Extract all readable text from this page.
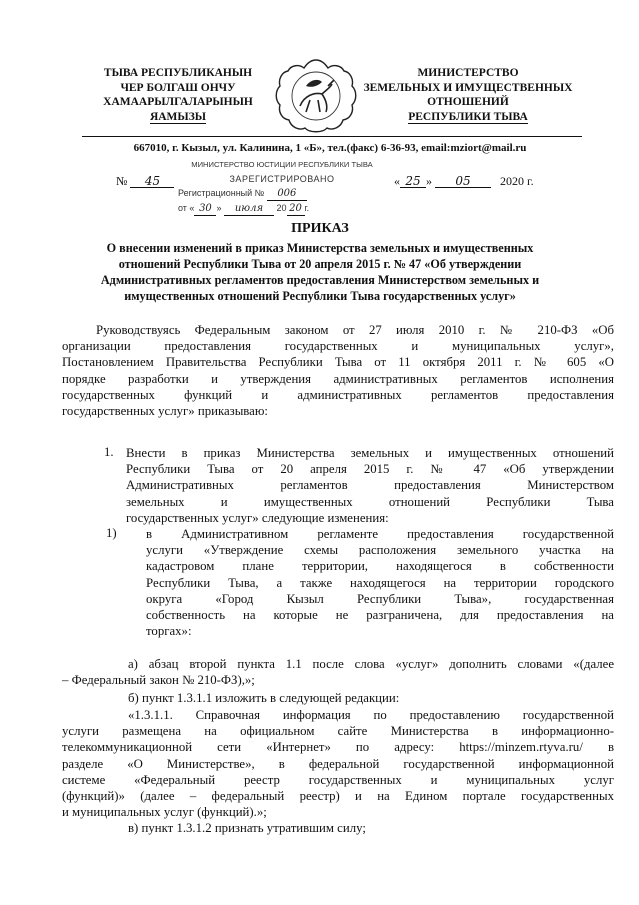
ТЫВА РЕСПУБЛИКАНЫН
ЧЕР БОЛГАШ ОНЧУ
ХАМААРЫЛГАЛАРЫНЫН
ЯАМЫЗЫ
МИНИСТЕРСТВО
ЗЕМЕЛЬНЫХ И ИМУЩЕСТВЕННЫХ
ОТНОШЕНИЙ
РЕСПУБЛИКИ ТЫВА
667010, г. Кызыл, ул. Калинина, 1 «Б», тел.(факс) 6-36-93, email:mziort@mail.ru
МИНИСТЕРСТВО ЮСТИЦИИ РЕСПУБЛИКИ ТЫВА
ЗАРЕГИСТРИРОВАНО
Регистрационный № 006
от « 30 » июля 20 20 г.
№ 45	« 25 » 05 2020 г.
ПРИКАЗ
О внесении изменений в приказ Министерства земельных и имущественных
отношений Республики Тыва от 20 апреля 2015 г. № 47 «Об утверждении
Административных регламентов предоставления Министерством земельных и
имущественных отношений Республики Тыва государственных услуг»
Руководствуясь Федеральным законом от 27 июля 2010 г. № 210-ФЗ «Об
организации предоставления государственных и муниципальных услуг»,
Постановлением Правительства Республики Тыва от 11 октября 2011 г. № 605 «О
порядке разработки и утверждения административных регламентов исполнения
государственных функций и административных регламентов предоставления
государственных услуг» приказываю:
1. Внести в приказ Министерства земельных и имущественных отношений
Республики Тыва от 20 апреля 2015 г. № 47 «Об утверждении
Административных регламентов предоставления Министерством
земельных и имущественных отношений Республики Тыва
государственных услуг» следующие изменения:
1) в Административном регламенте предоставления государственной
услуги «Утверждение схемы расположения земельного участка на
кадастровом плане территории, находящегося в собственности
Республики Тыва, а также находящегося на территории городского
округа «Город Кызыл Республики Тыва», государственная
собственность на которые не разграничена, для предоставления на
торгах»:
а) абзац второй пункта 1.1 после слова «услуг» дополнить словами «(далее
– Федеральный закон № 210-ФЗ),»;
б) пункт 1.3.1.1 изложить в следующей редакции:
«1.3.1.1. Справочная информация по предоставлению государственной
услуги размещена на официальном сайте Министерства в информационно-
телекоммуникационной сети «Интернет» по адресу: https://minzem.rtyva.ru/ в
разделе «О Министерстве», в федеральной государственной информационной
системе «Федеральный реестр государственных и муниципальных услуг
(функций)» (далее – федеральный реестр) и на Едином портале государственных
и муниципальных услуг (функций).»;
в) пункт 1.3.1.2 признать утратившим силу;
